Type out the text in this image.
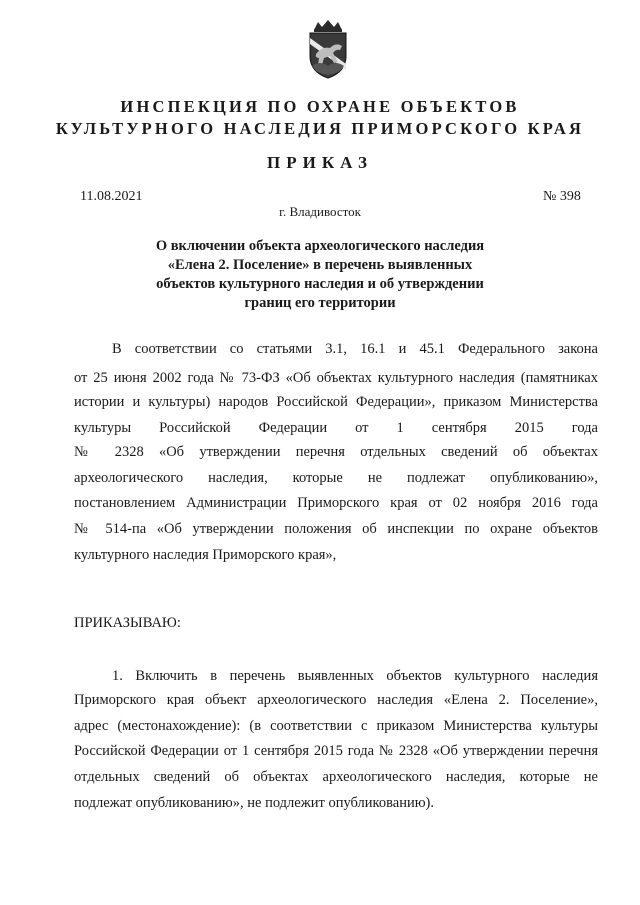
ИНСПЕКЦИЯ ПО ОХРАНЕ ОБЪЕКТОВ
КУЛЬТУРНОГО НАСЛЕДИЯ ПРИМОРСКОГО КРАЯ
ПРИКАЗ
11.08.2021	№ 398
г. Владивосток
О включении объекта археологического наследия
«Елена 2. Поселение» в перечень выявленных
объектов культурного наследия и об утверждении
границ его территории
В соответствии со статьями 3.1, 16.1 и 45.1 Федерального закона
от 25 июня 2002 года № 73-ФЗ «Об объектах культурного наследия (памятниках
истории и культуры) народов Российской Федерации», приказом Министерства
культуры Российской Федерации от 1 сентября 2015 года
№ 2328 «Об утверждении перечня отдельных сведений об объектах
археологического наследия, которые не подлежат опубликованию»,
постановлением Администрации Приморского края от 02 ноября 2016 года
№ 514-па «Об утверждении положения об инспекции по охране объектов
культурного наследия Приморского края»,
ПРИКАЗЫВАЮ:
1. Включить в перечень выявленных объектов культурного наследия
Приморского края объект археологического наследия «Елена 2. Поселение»,
адрес (местонахождение): (в соответствии с приказом Министерства культуры
Российской Федерации от 1 сентября 2015 года № 2328 «Об утверждении перечня
отдельных сведений об объектах археологического наследия, которые не
подлежат опубликованию», не подлежит опубликованию).
